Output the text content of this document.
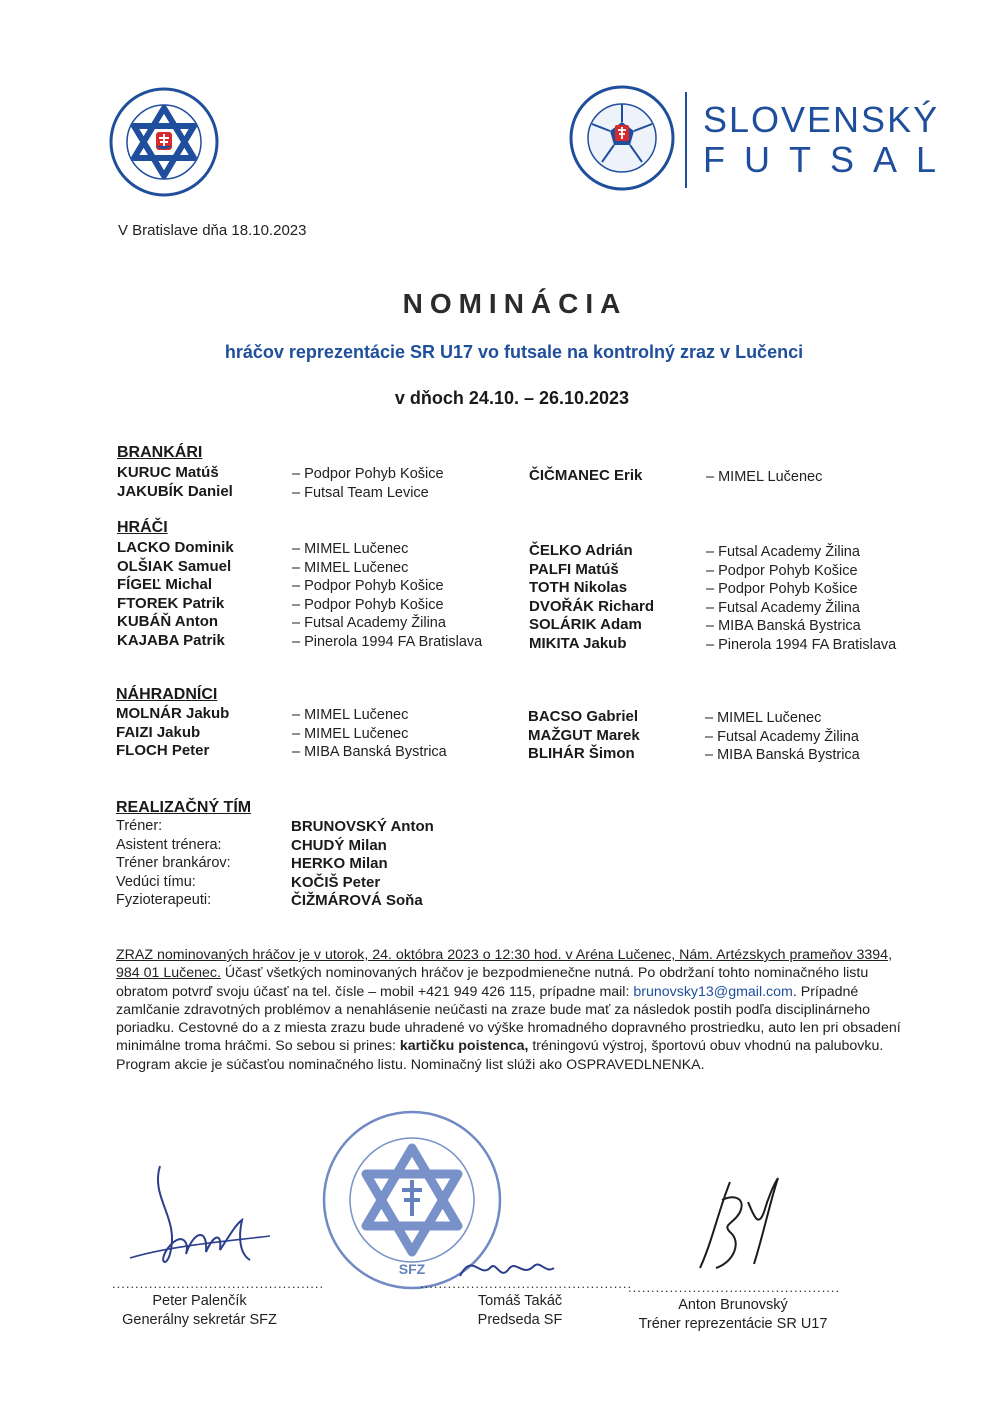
SLOVENSKÝ
FUTSAL
V Bratislave dňa 18.10.2023
NOMINÁCIA
hráčov reprezentácie SR U17 vo futsale na kontrolný zraz v Lučenci
v dňoch 24.10. – 26.10.2023
BRANKÁRI
KURUC Matúš
JAKUBÍK Daniel
– Podpor Pohyb Košice
– Futsal Team Levice
ČIČMANEC Erik	– MIMEL Lučenec
HRÁČI
LACKO Dominik
OLŠIAK Samuel
FÍGEĽ Michal
FTOREK Patrik
KUBÁŇ Anton
KAJABA Patrik
– MIMEL Lučenec
– MIMEL Lučenec
– Podpor Pohyb Košice
– Podpor Pohyb Košice
– Futsal Academy Žilina
– Pinerola 1994 FA Bratislava
ČELKO Adrián
PALFI Matúš
TOTH Nikolas
DVOŘÁK Richard
SOLÁRIK Adam
MIKITA Jakub
– Futsal Academy Žilina
– Podpor Pohyb Košice
– Podpor Pohyb Košice
– Futsal Academy Žilina
– MIBA Banská Bystrica
– Pinerola 1994 FA Bratislava
NÁHRADNÍCI
MOLNÁR Jakub
FAIZI Jakub
FLOCH Peter
– MIMEL Lučenec
– MIMEL Lučenec
– MIBA Banská Bystrica
BACSO Gabriel
MAŽGUT Marek
BLIHÁR Šimon
– MIMEL Lučenec
– Futsal Academy Žilina
– MIBA Banská Bystrica
REALIZAČNÝ TÍM
Tréner:
Asistent trénera:
Tréner brankárov:
Vedúci tímu:
Fyzioterapeuti:
BRUNOVSKÝ Anton
CHUDÝ Milan
HERKO Milan
KOČIŠ Peter
ČIŽMÁROVÁ Soňa
ZRAZ nominovaných hráčov je v utorok, 24. októbra 2023 o 12:30 hod. v Aréna Lučenec, Nám. Artézskych prameňov 3394, 984 01 Lučenec. Účasť všetkých nominovaných hráčov je bezpodmienečne nutná. Po obdržaní tohto nominačného listu obratom potvrď svoju účasť na tel. čísle – mobil +421 949 426 115, prípadne mail: brunovsky13@gmail.com. Prípadné zamlčanie zdravotných problémov a nenahlásenie neúčasti na zraze bude mať za následok postih podľa disciplinárneho poriadku. Cestovné do a z miesta zrazu bude uhradené vo výške hromadného dopravného prostriedku, auto len pri obsadení minimálne troma hráčmi. So sebou si prines: kartičku poistenca, tréningovú výstroj, športovú obuv vhodnú na palubovku. Program akcie je súčasťou nominačného listu. Nominačný list slúži ako OSPRAVEDLNENKA.
SFZ
..............................................
Peter Palenčík
Generálny sekretár SFZ
..............................................
Tomáš Takáč
Predseda SF
..............................................
Anton Brunovský
Tréner reprezentácie SR U17
